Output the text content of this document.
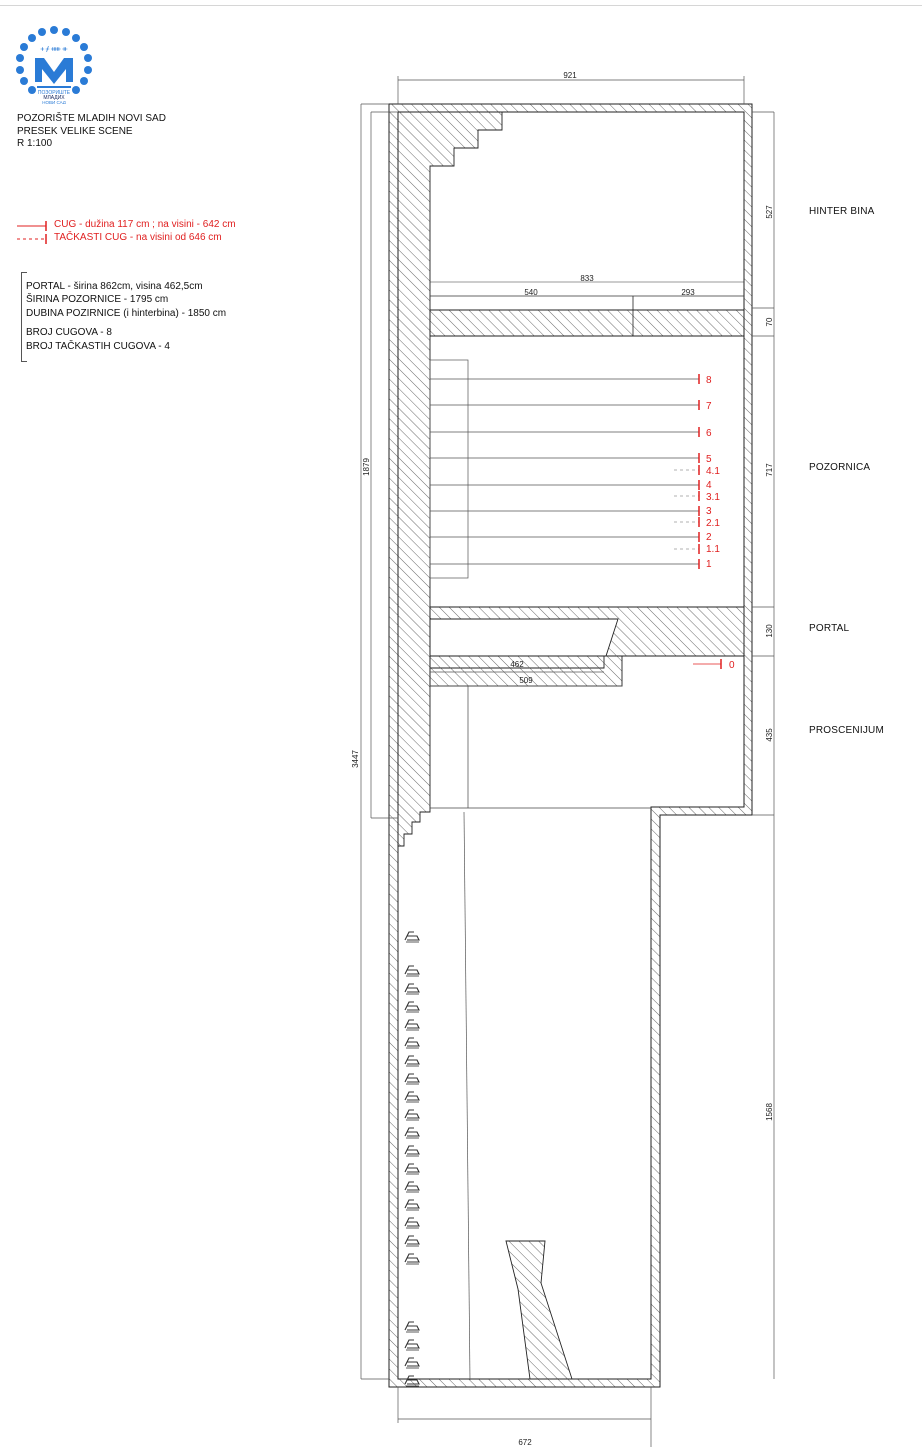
ᚐ ᚋ ᚔ ᚑ
ПОЗОРИШТЕ
МЛАДИХ
НОВИ САД
POZORIŠTE MLADIH NOVI SAD
PRESEK VELIKE SCENE
R 1:100
CUG - dužina 117 cm ; na visini - 642 cm
TAČKASTI CUG - na visini od 646 cm
PORTAL - širina 862cm, visina 462,5cm
ŠIRINA POZORNICE - 1795 cm
DUBINA POZIRNICE (i hinterbina) - 1850 cm
BROJ CUGOVA - 8
BROJ TAČKASTIH CUGOVA - 4
HINTER BINA
POZORNICA
PORTAL
PROSCENIJUM
921
672
833
540	293
462
509
1879
3447
527
70
717
130
435
1568
8
7
6
5
4.1
4
3.1
3
2.1
2
1.1
1
0
